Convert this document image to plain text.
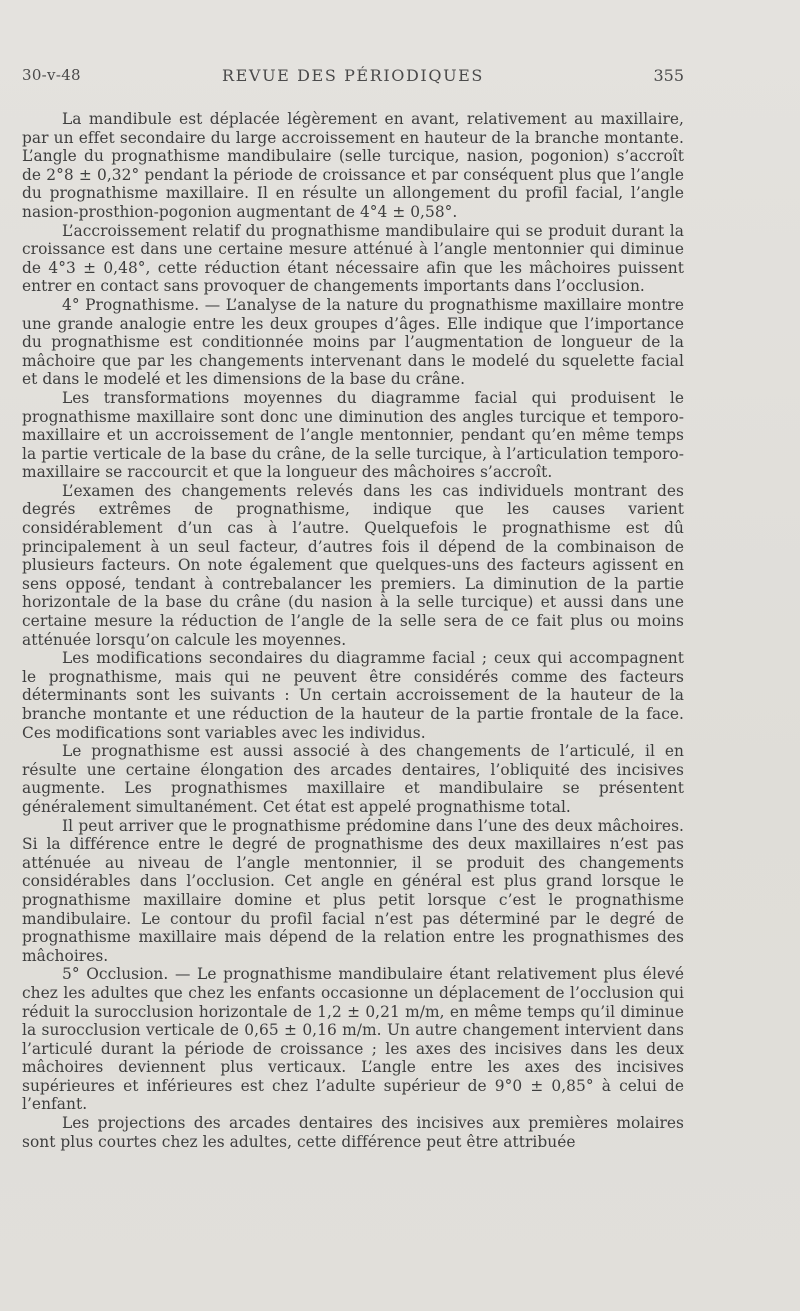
30-v-48	REVUE DES PÉRIODIQUES	355

La mandibule est déplacée légèrement en avant, relativement au maxillaire, par un effet secondaire du large accroissement en hauteur de la branche montante. L’angle du prognathisme mandibulaire (selle turcique, nasion, pogonion) s’accroît de 2°8 ± 0,32° pendant la période de croissance et par conséquent plus que l’angle du prognathisme maxillaire. Il en résulte un allongement du profil facial, l’angle nasion-prosthion-pogonion augmentant de 4°4 ± 0,58°.

L’accroissement relatif du prognathisme mandibulaire qui se produit durant la croissance est dans une certaine mesure atténué à l’angle mentonnier qui diminue de 4°3 ± 0,48°, cette réduction étant nécessaire afin que les mâchoires puissent entrer en contact sans provoquer de changements importants dans l’occlusion.

4° Prognathisme. — L’analyse de la nature du prognathisme maxillaire montre une grande analogie entre les deux groupes d’âges. Elle indique que l’importance du prognathisme est conditionnée moins par l’augmentation de longueur de la mâchoire que par les changements intervenant dans le modelé du squelette facial et dans le modelé et les dimensions de la base du crâne.

Les transformations moyennes du diagramme facial qui produisent le prognathisme maxillaire sont donc une diminution des angles turcique et temporo-maxillaire et un accroissement de l’angle mentonnier, pendant qu’en même temps la partie verticale de la base du crâne, de la selle turcique, à l’articulation temporo-maxillaire se raccourcit et que la longueur des mâchoires s’accroît.

L’examen des changements relevés dans les cas individuels montrant des degrés extrêmes de prognathisme, indique que les causes varient considérablement d’un cas à l’autre. Quelquefois le prognathisme est dû principalement à un seul facteur, d’autres fois il dépend de la combinaison de plusieurs facteurs. On note également que quelques-uns des facteurs agissent en sens opposé, tendant à contrebalancer les premiers. La diminution de la partie horizontale de la base du crâne (du nasion à la selle turcique) et aussi dans une certaine mesure la réduction de l’angle de la selle sera de ce fait plus ou moins atténuée lorsqu’on calcule les moyennes.

Les modifications secondaires du diagramme facial ; ceux qui accompagnent le prognathisme, mais qui ne peuvent être considérés comme des facteurs déterminants sont les suivants : Un certain accroissement de la hauteur de la branche montante et une réduction de la hauteur de la partie frontale de la face. Ces modifications sont variables avec les individus.

Le prognathisme est aussi associé à des changements de l’articulé, il en résulte une certaine élongation des arcades dentaires, l’obliquité des incisives augmente. Les prognathismes maxillaire et mandibulaire se présentent généralement simultanément. Cet état est appelé prognathisme total.

Il peut arriver que le prognathisme prédomine dans l’une des deux mâchoires. Si la différence entre le degré de prognathisme des deux maxillaires n’est pas atténuée au niveau de l’angle mentonnier, il se produit des changements considérables dans l’occlusion. Cet angle en général est plus grand lorsque le prognathisme maxillaire domine et plus petit lorsque c’est le prognathisme mandibulaire. Le contour du profil facial n’est pas déterminé par le degré de prognathisme maxillaire mais dépend de la relation entre les prognathismes des mâchoires.

5° Occlusion. — Le prognathisme mandibulaire étant relativement plus élevé chez les adultes que chez les enfants occasionne un déplacement de l’occlusion qui réduit la surocclusion horizontale de 1,2 ± 0,21 m/m, en même temps qu’il diminue la surocclusion verticale de 0,65 ± 0,16 m/m. Un autre changement intervient dans l’articulé durant la période de croissance ; les axes des incisives dans les deux mâchoires deviennent plus verticaux. L’angle entre les axes des incisives supérieures et inférieures est chez l’adulte supérieur de 9°0 ± 0,85° à celui de l’enfant.

Les projections des arcades dentaires des incisives aux premières molaires sont plus courtes chez les adultes, cette différence peut être attribuée
